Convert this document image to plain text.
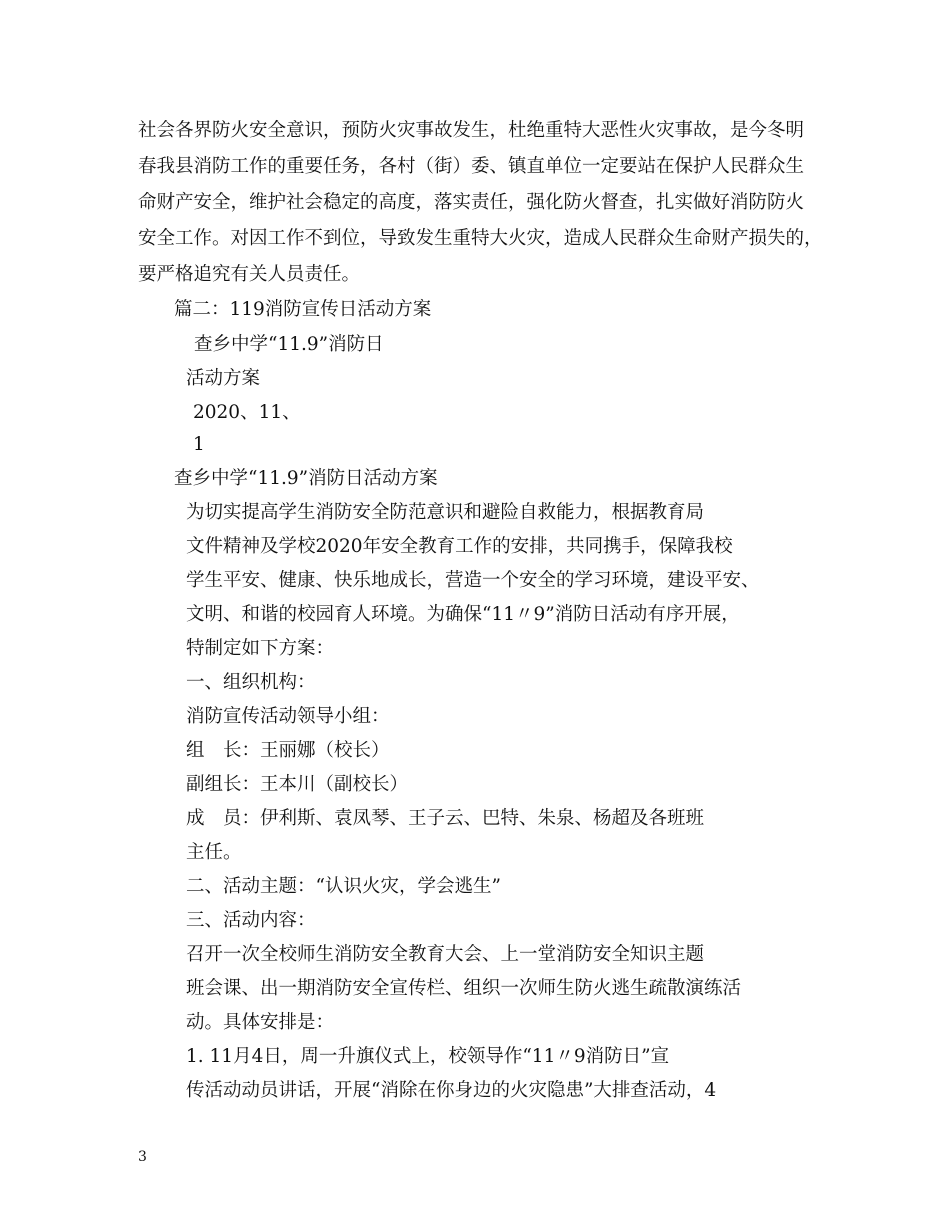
社会各界防火安全意识，预防火灾事故发生，杜绝重特大恶性火灾事故，是今冬明
春我县消防工作的重要任务，各村（街）委、镇直单位一定要站在保护人民群众生
命财产安全，维护社会稳定的高度，落实责任，强化防火督查，扎实做好消防防火
安全工作。对因工作不到位，导致发生重特大火灾，造成人民群众生命财产损失的，
要严格追究有关人员责任。
篇二：119消防宣传日活动方案
查乡中学“11.9”消防日
活动方案
2020、11、
1
查乡中学“11.9”消防日活动方案
为切实提高学生消防安全防范意识和避险自救能力，根据教育局
文件精神及学校2020年安全教育工作的安排，共同携手，保障我校
学生平安、健康、快乐地成长，营造一个安全的学习环境，建设平安、
文明、和谐的校园育人环境。为确保“11〃9”消防日活动有序开展，
特制定如下方案：
一、组织机构：
消防宣传活动领导小组：
组　长：王丽娜（校长）
副组长：王本川（副校长）
成　员：伊利斯、袁凤琴、王子云、巴特、朱泉、杨超及各班班
主任。
二、活动主题：“认识火灾，学会逃生”
三、活动内容：
召开一次全校师生消防安全教育大会、上一堂消防安全知识主题
班会课、出一期消防安全宣传栏、组织一次师生防火逃生疏散演练活
动。具体安排是：
1. 11月4日，周一升旗仪式上，校领导作“11〃9消防日”宣
传活动动员讲话，开展“消除在你身边的火灾隐患”大排查活动，4
3
